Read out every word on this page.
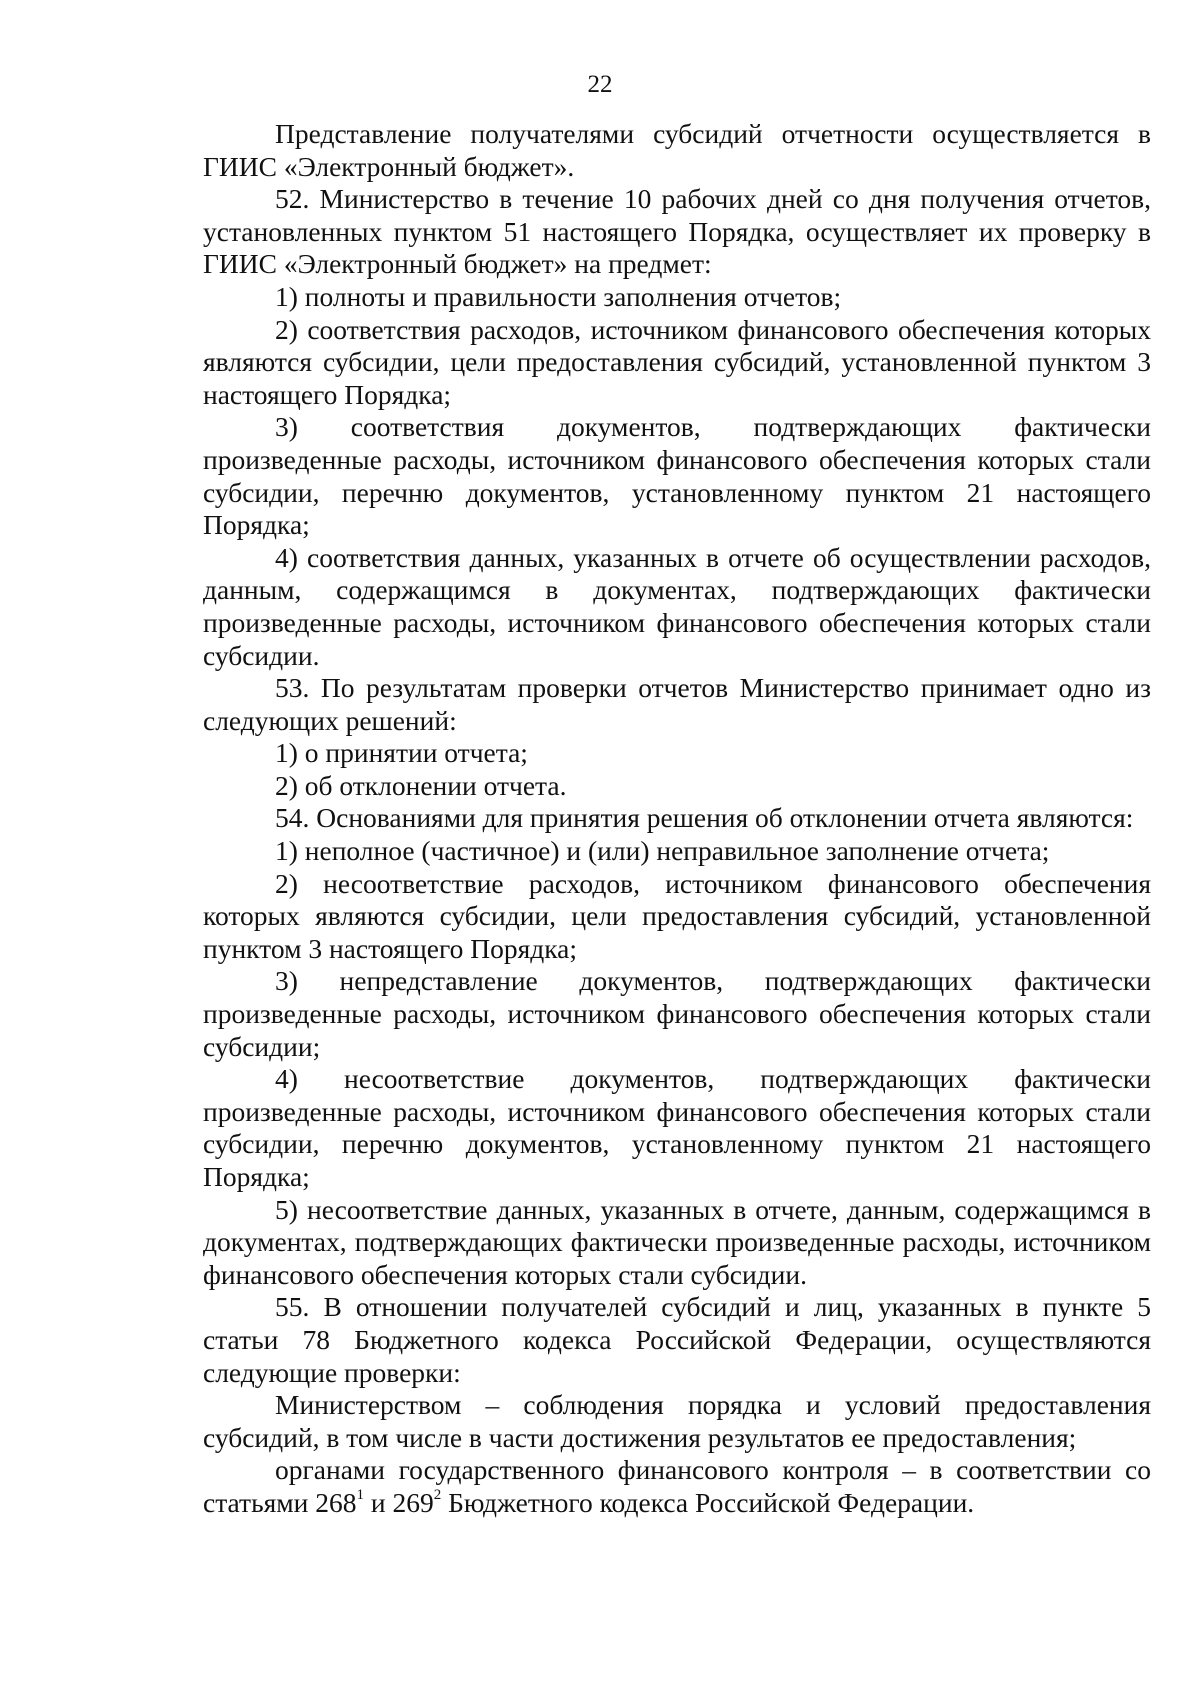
22

Представление получателями субсидий отчетности осуществляется в ГИИС «Электронный бюджет».

52. Министерство в течение 10 рабочих дней со дня получения отчетов, установленных пунктом 51 настоящего Порядка, осуществляет их проверку в ГИИС «Электронный бюджет» на предмет:

1) полноты и правильности заполнения отчетов;

2) соответствия расходов, источником финансового обеспечения которых являются субсидии, цели предоставления субсидий, установленной пунктом 3 настоящего Порядка;

3) соответствия документов, подтверждающих фактически произведенные расходы, источником финансового обеспечения которых стали субсидии, перечню документов, установленному пунктом 21 настоящего Порядка;

4) соответствия данных, указанных в отчете об осуществлении расходов, данным, содержащимся в документах, подтверждающих фактически произведенные расходы, источником финансового обеспечения которых стали субсидии.

53. По результатам проверки отчетов Министерство принимает одно из следующих решений:

1) о принятии отчета;

2) об отклонении отчета.

54. Основаниями для принятия решения об отклонении отчета являются:

1) неполное (частичное) и (или) неправильное заполнение отчета;

2) несоответствие расходов, источником финансового обеспечения которых являются субсидии, цели предоставления субсидий, установленной пунктом 3 настоящего Порядка;

3) непредставление документов, подтверждающих фактически произведенные расходы, источником финансового обеспечения которых стали субсидии;

4) несоответствие документов, подтверждающих фактически произведенные расходы, источником финансового обеспечения которых стали субсидии, перечню документов, установленному пунктом 21 настоящего Порядка;

5) несоответствие данных, указанных в отчете, данным, содержащимся в документах, подтверждающих фактически произведенные расходы, источником финансового обеспечения которых стали субсидии.

55. В отношении получателей субсидий и лиц, указанных в пункте 5 статьи 78 Бюджетного кодекса Российской Федерации, осуществляются следующие проверки:

Министерством – соблюдения порядка и условий предоставления субсидий, в том числе в части достижения результатов ее предоставления;

органами государственного финансового контроля – в соответствии со статьями $268^1$ и $269^2$ Бюджетного кодекса Российской Федерации.
